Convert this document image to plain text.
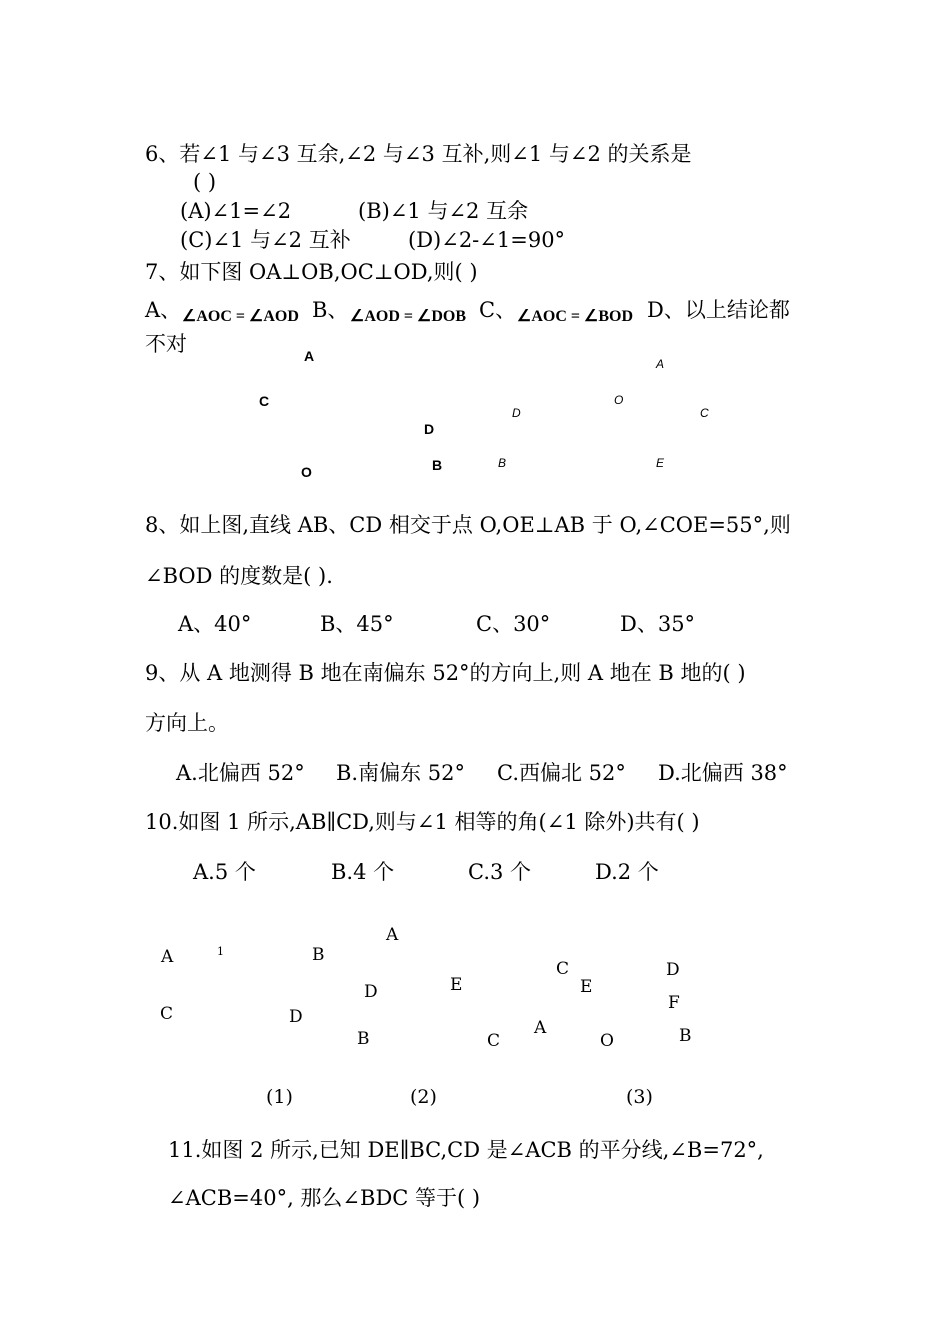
6、若∠1 与∠3 互余,∠2 与∠3 互补,则∠1 与∠2 的关系是
( )
(A)∠1=∠2	(B)∠1 与∠2 互余
(C)∠1 与∠2 互补	(D)∠2-∠1=90°
7、如下图 OA⊥OB,OC⊥OD,则( )
A、 ∠AOC = ∠AOD B、 ∠AOD = ∠DOB C、 ∠AOC = ∠BOD D、以上结论都
不对	A
C
D
B
O
A
D
O
C
B	E
8、如上图,直线 AB、CD 相交于点 O,OE⊥AB 于 O,∠COE=55°,则
∠BOD 的度数是( ).
A、40°	B、45°	C、30°	D、35°
9、从 A 地测得 B 地在南偏东 52°的方向上,则 A 地在 B 地的( )
方向上。
A.北偏西 52° B.南偏东 52° C.西偏北 52° D.北偏西 38°
10.如图 1 所示,AB∥CD,则与∠1 相等的角(∠1 除外)共有( )
A.5 个	B.4 个	C.3 个	D.2 个
A	1	B
C	D
A
D	E
B	C
C
E
D
F
A
O	B
(1)	(2)	(3)
11.如图 2 所示,已知 DE∥BC,CD 是∠ACB 的平分线,∠B=72°,
∠ACB=40°, 那么∠BDC 等于( )
